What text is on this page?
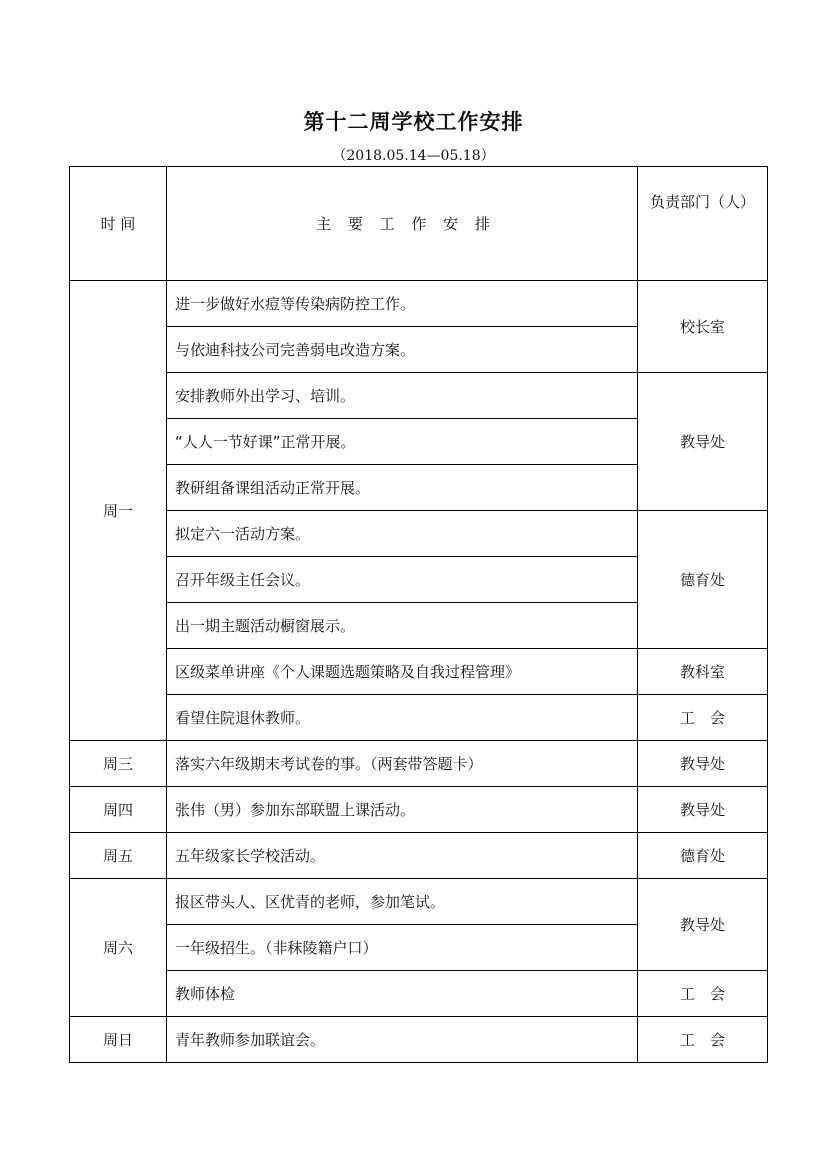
第十二周学校工作安排
（2018.05.14—05.18）
时 间	主 要 工 作 安 排	负责部门（人）
周一	进一步做好水痘等传染病防控工作。	校长室
	与依迪科技公司完善弱电改造方案。	
	安排教师外出学习、培训。	教导处
	“人人一节好课”正常开展。	
	教研组备课组活动正常开展。	
	拟定六一活动方案。	德育处
	召开年级主任会议。	
	出一期主题活动橱窗展示。	
	区级菜单讲座《个人课题选题策略及自我过程管理》	教科室
	看望住院退休教师。	工　会
周三	落实六年级期末考试卷的事。（两套带答题卡）	教导处
周四	张伟（男）参加东部联盟上课活动。	教导处
周五	五年级家长学校活动。	德育处
周六	报区带头人、区优青的老师，参加笔试。	教导处
	一年级招生。（非秣陵籍户口）	
	教师体检	工　会
周日	青年教师参加联谊会。	工　会
